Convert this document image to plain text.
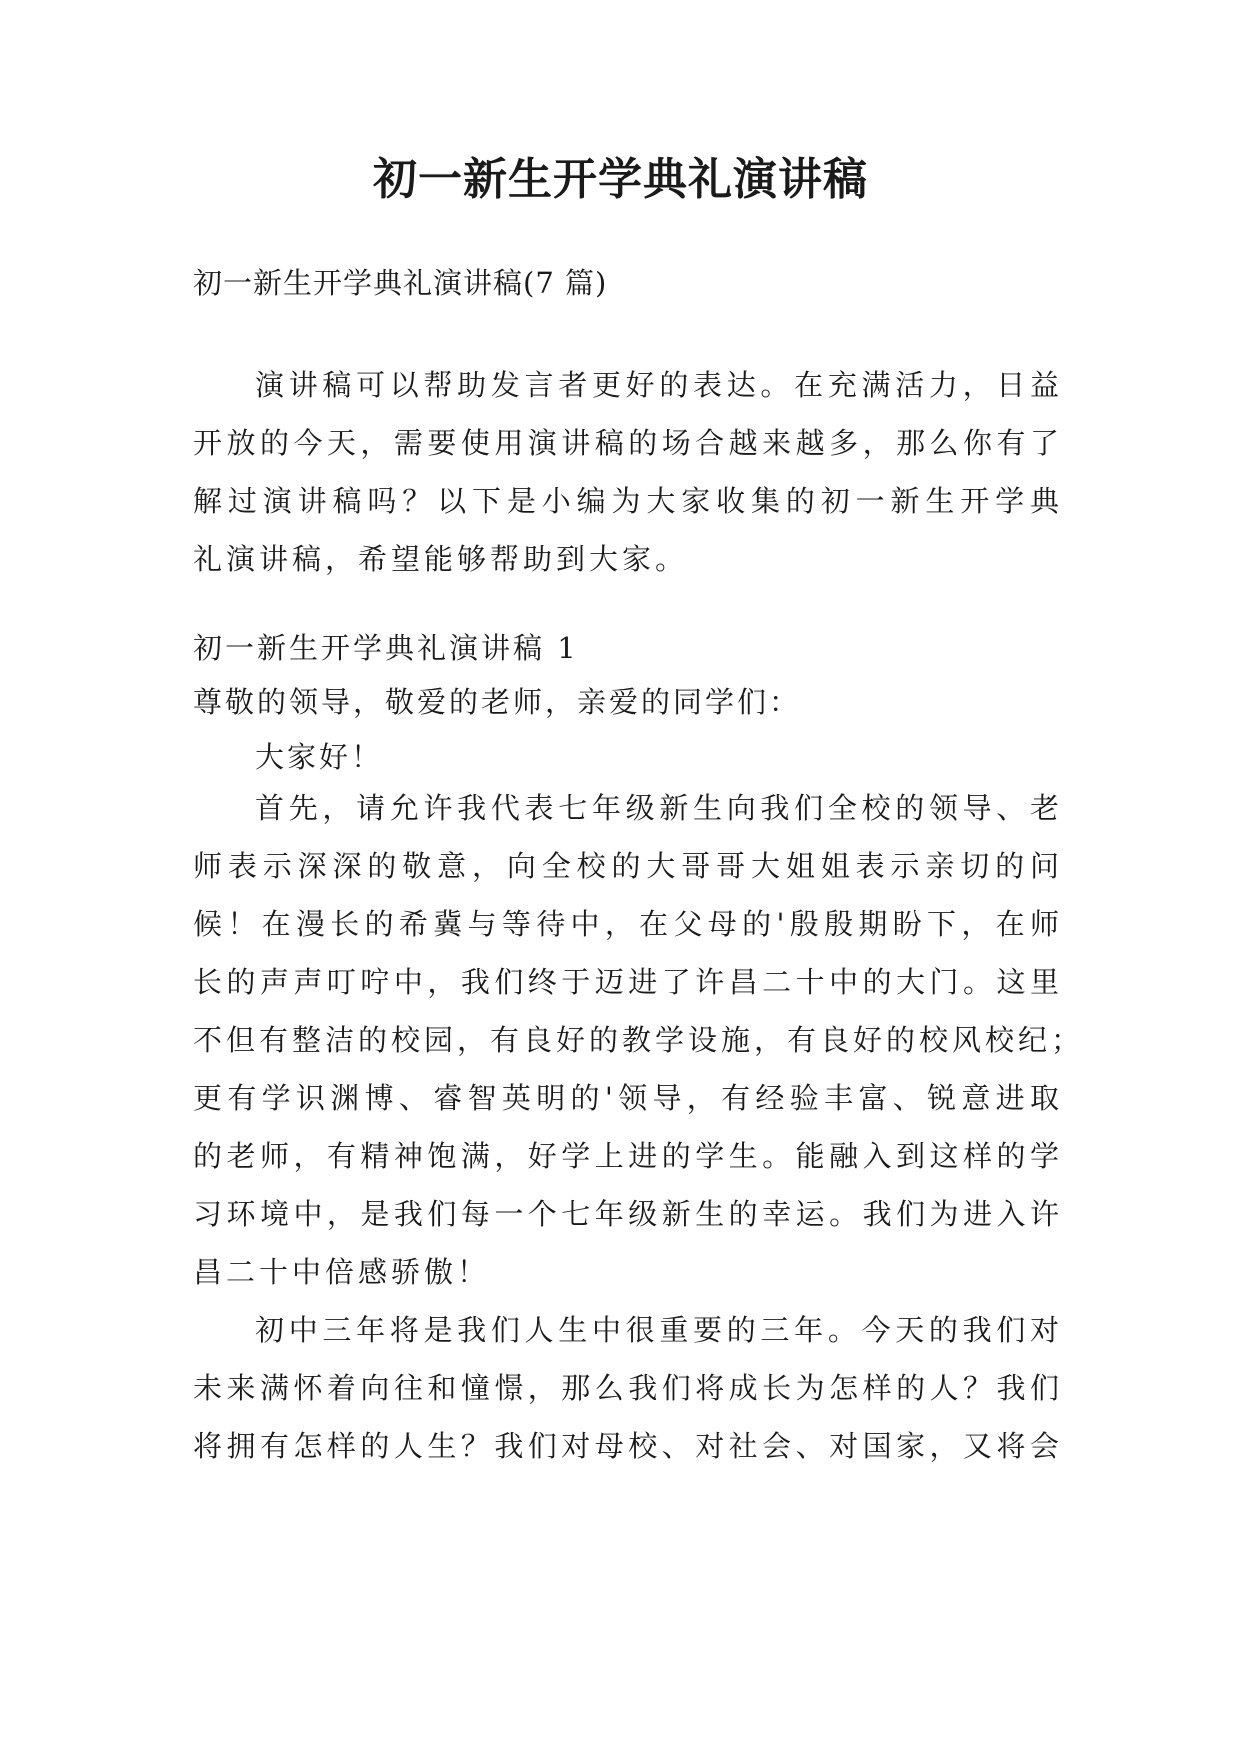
初一新生开学典礼演讲稿
初一新生开学典礼演讲稿(7 篇)
演讲稿可以帮助发言者更好的表达。在充满活力，日益
开放的今天，需要使用演讲稿的场合越来越多，那么你有了
解过演讲稿吗？以下是小编为大家收集的初一新生开学典
礼演讲稿，希望能够帮助到大家。
初一新生开学典礼演讲稿 1
尊敬的领导，敬爱的老师，亲爱的同学们：
大家好！
首先，请允许我代表七年级新生向我们全校的领导、老
师表示深深的敬意，向全校的大哥哥大姐姐表示亲切的问
候！在漫长的希冀与等待中，在父母的'殷殷期盼下，在师
长的声声叮咛中，我们终于迈进了许昌二十中的大门。这里
不但有整洁的校园，有良好的教学设施，有良好的校风校纪；
更有学识渊博、睿智英明的'领导，有经验丰富、锐意进取
的老师，有精神饱满，好学上进的学生。能融入到这样的学
习环境中，是我们每一个七年级新生的幸运。我们为进入许
昌二十中倍感骄傲！
初中三年将是我们人生中很重要的三年。今天的我们对
未来满怀着向往和憧憬，那么我们将成长为怎样的人？我们
将拥有怎样的人生？我们对母校、对社会、对国家，又将会
